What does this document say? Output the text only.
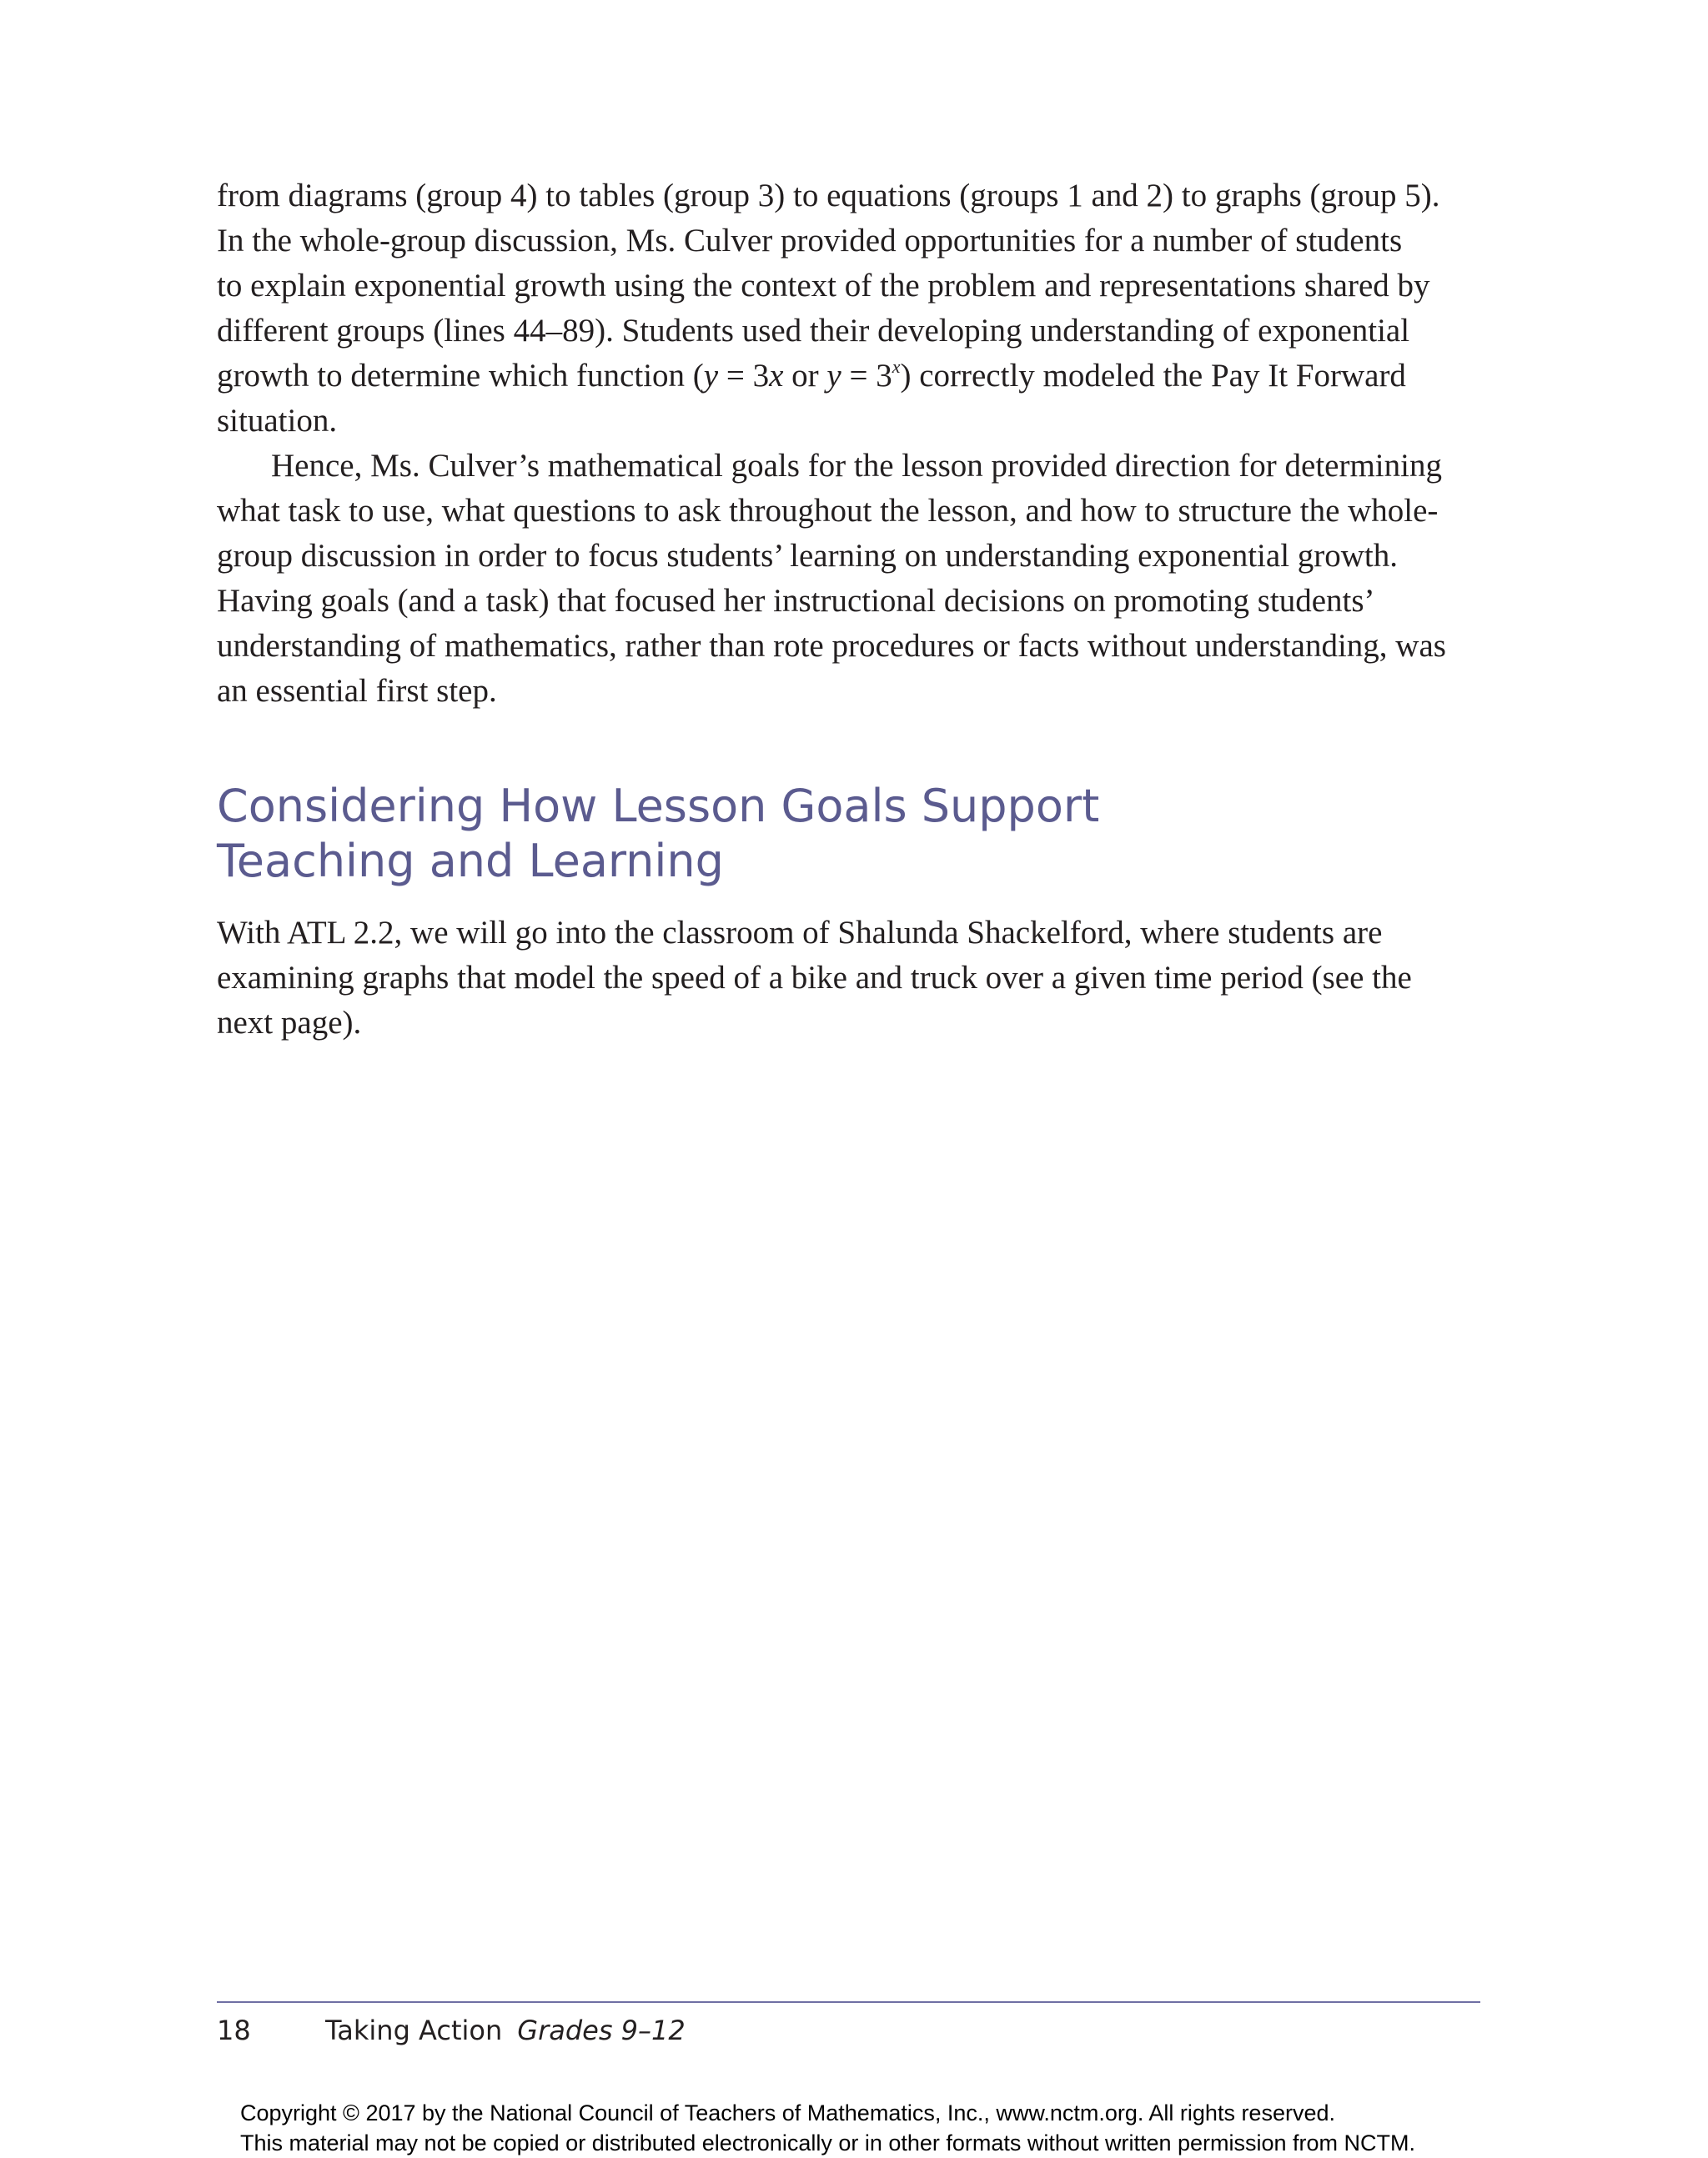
from diagrams (group 4) to tables (group 3) to equations (groups 1 and 2) to graphs (group 5).
In the whole-group discussion, Ms. Culver provided opportunities for a number of students
to explain exponential growth using the context of the problem and representations shared by
different groups (lines 44–89). Students used their developing understanding of exponential
growth to determine which function (y = 3x or $y = 3^x$) correctly modeled the Pay It Forward
situation.

Hence, Ms. Culver’s mathematical goals for the lesson provided direction for determining
what task to use, what questions to ask throughout the lesson, and how to structure the whole-
group discussion in order to focus students’ learning on understanding exponential growth.
Having goals (and a task) that focused her instructional decisions on promoting students’
understanding of mathematics, rather than rote procedures or facts without understanding, was
an essential first step.

Considering How Lesson Goals Support
Teaching and Learning

With ATL 2.2, we will go into the classroom of Shalunda Shackelford, where students are
examining graphs that model the speed of a bike and truck over a given time period (see the
next page).

18	Taking Action Grades 9–12
Copyright © 2017 by the National Council of Teachers of Mathematics, Inc., www.nctm.org. All rights reserved.
This material may not be copied or distributed electronically or in other formats without written permission from NCTM.
